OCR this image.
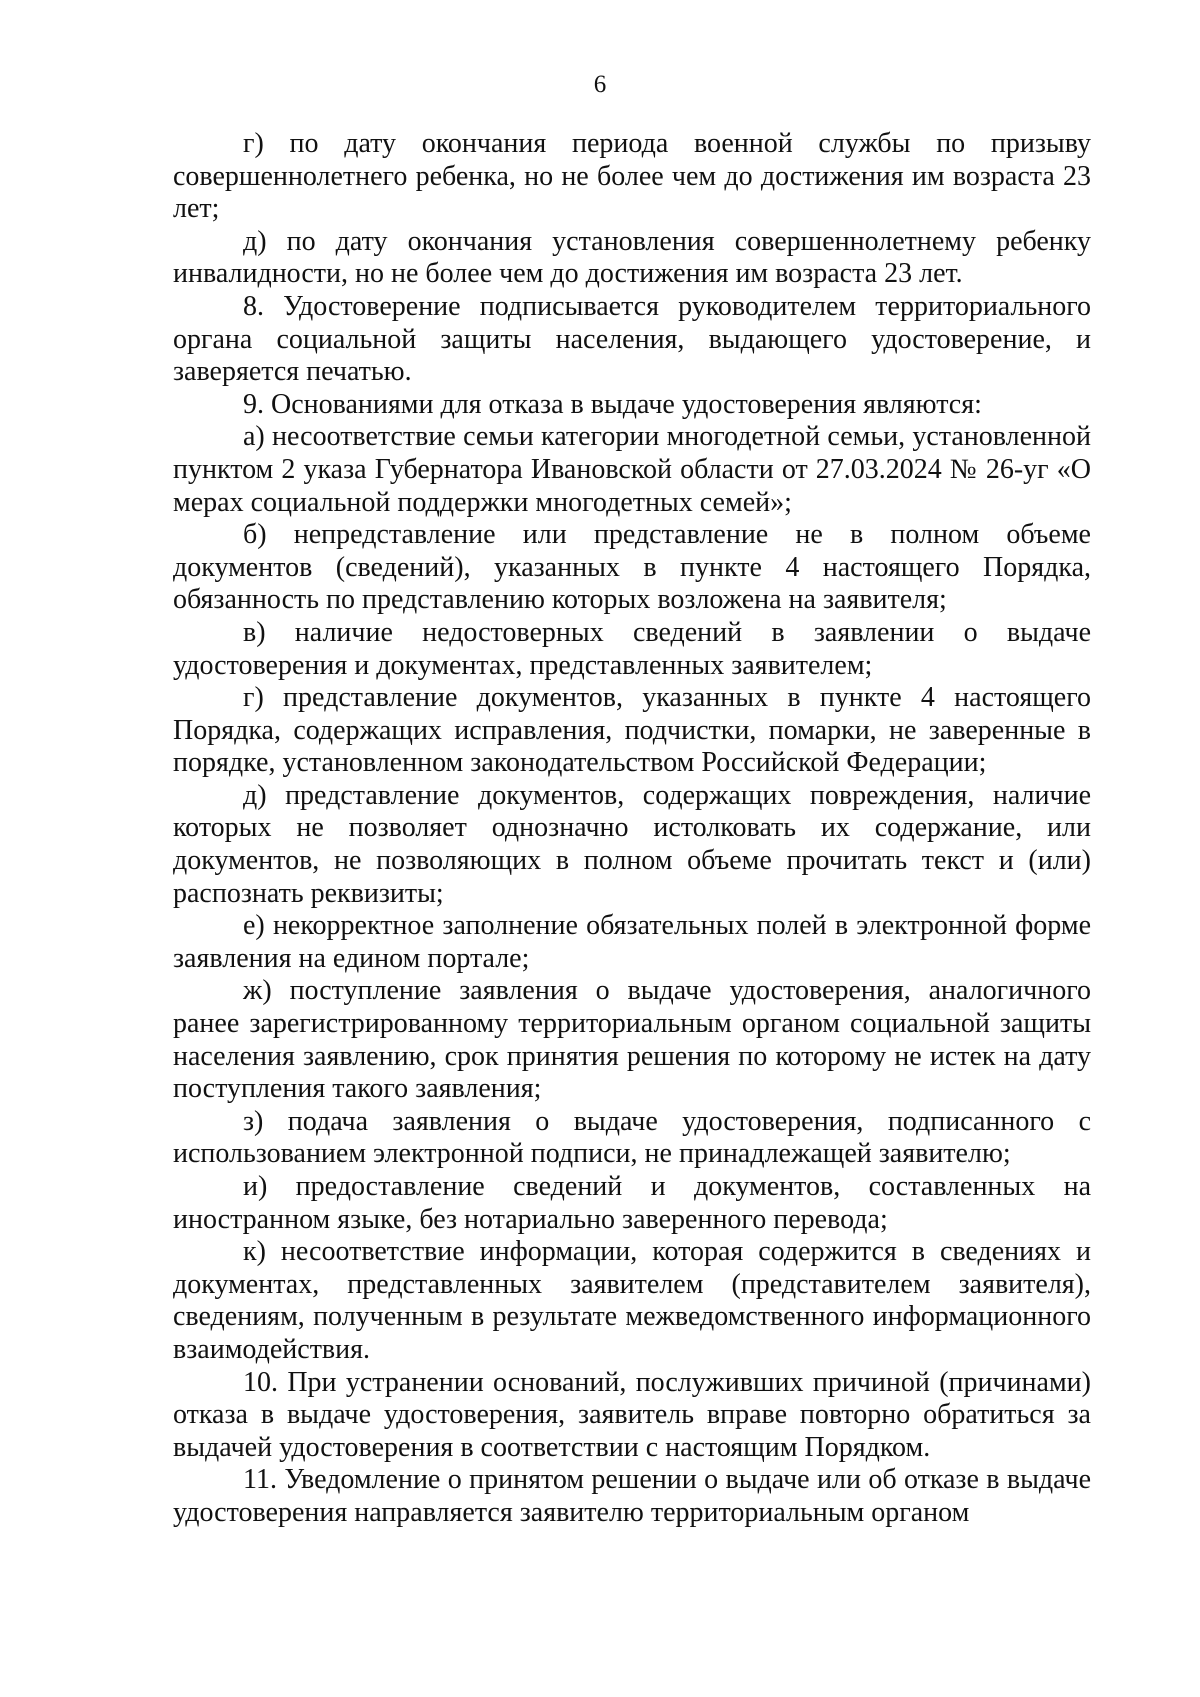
6

г) по дату окончания периода военной службы по призыву совершеннолетнего ребенка, но не более чем до достижения им возраста 23 лет;

д) по дату окончания установления совершеннолетнему ребенку инвалидности, но не более чем до достижения им возраста 23 лет.

8. Удостоверение подписывается руководителем территориального органа социальной защиты населения, выдающего удостоверение, и заверяется печатью.

9. Основаниями для отказа в выдаче удостоверения являются:

а) несоответствие семьи категории многодетной семьи, установленной пунктом 2 указа Губернатора Ивановской области от 27.03.2024 № 26-уг «О мерах социальной поддержки многодетных семей»;

б) непредставление или представление не в полном объеме документов (сведений), указанных в пункте 4 настоящего Порядка, обязанность по представлению которых возложена на заявителя;

в) наличие недостоверных сведений в заявлении о выдаче удостоверения и документах, представленных заявителем;

г) представление документов, указанных в пункте 4 настоящего Порядка, содержащих исправления, подчистки, помарки, не заверенные в порядке, установленном законодательством Российской Федерации;

д) представление документов, содержащих повреждения, наличие которых не позволяет однозначно истолковать их содержание, или документов, не позволяющих в полном объеме прочитать текст и (или) распознать реквизиты;

е) некорректное заполнение обязательных полей в электронной форме заявления на едином портале;

ж) поступление заявления о выдаче удостоверения, аналогичного ранее зарегистрированному территориальным органом социальной защиты населения заявлению, срок принятия решения по которому не истек на дату поступления такого заявления;

з) подача заявления о выдаче удостоверения, подписанного с использованием электронной подписи, не принадлежащей заявителю;

и) предоставление сведений и документов, составленных на иностранном языке, без нотариально заверенного перевода;

к) несоответствие информации, которая содержится в сведениях и документах, представленных заявителем (представителем заявителя), сведениям, полученным в результате межведомственного информационного взаимодействия.

10. При устранении оснований, послуживших причиной (причинами) отказа в выдаче удостоверения, заявитель вправе повторно обратиться за выдачей удостоверения в соответствии с настоящим Порядком.

11. Уведомление о принятом решении о выдаче или об отказе в выдаче удостоверения направляется заявителю территориальным органом
